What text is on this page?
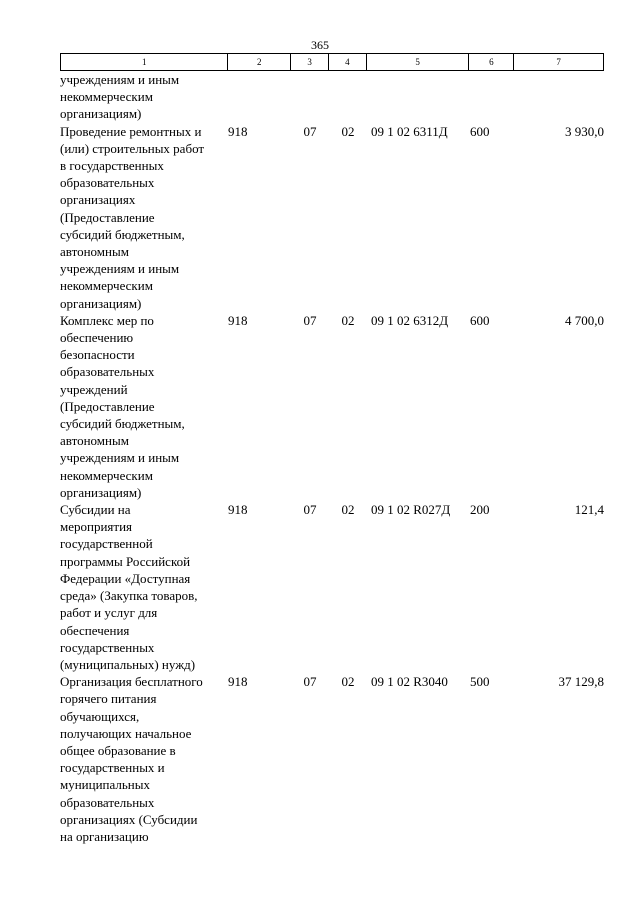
365
1	2	3	4	5	6	7
учреждениям и иным
некоммерческим
организациям)
Проведение ремонтных и
(или) строительных работ
в государственных
образовательных
организациях
(Предоставление
субсидий бюджетным,
автономным
учреждениям и иным
некоммерческим
организациям)
918	07	02	09 1 02 6311Д	600	3 930,0
Комплекс мер по
обеспечению
безопасности
образовательных
учреждений
(Предоставление
субсидий бюджетным,
автономным
учреждениям и иным
некоммерческим
организациям)
918	07	02	09 1 02 6312Д	600	4 700,0
Субсидии на
мероприятия
государственной
программы Российской
Федерации «Доступная
среда» (Закупка товаров,
работ и услуг для
обеспечения
государственных
(муниципальных) нужд)
918	07	02	09 1 02 R027Д	200	121,4
Организация бесплатного
горячего питания
обучающихся,
получающих начальное
общее образование в
государственных и
муниципальных
образовательных
организациях (Субсидии
на организацию
918	07	02	09 1 02 R3040	500	37 129,8
